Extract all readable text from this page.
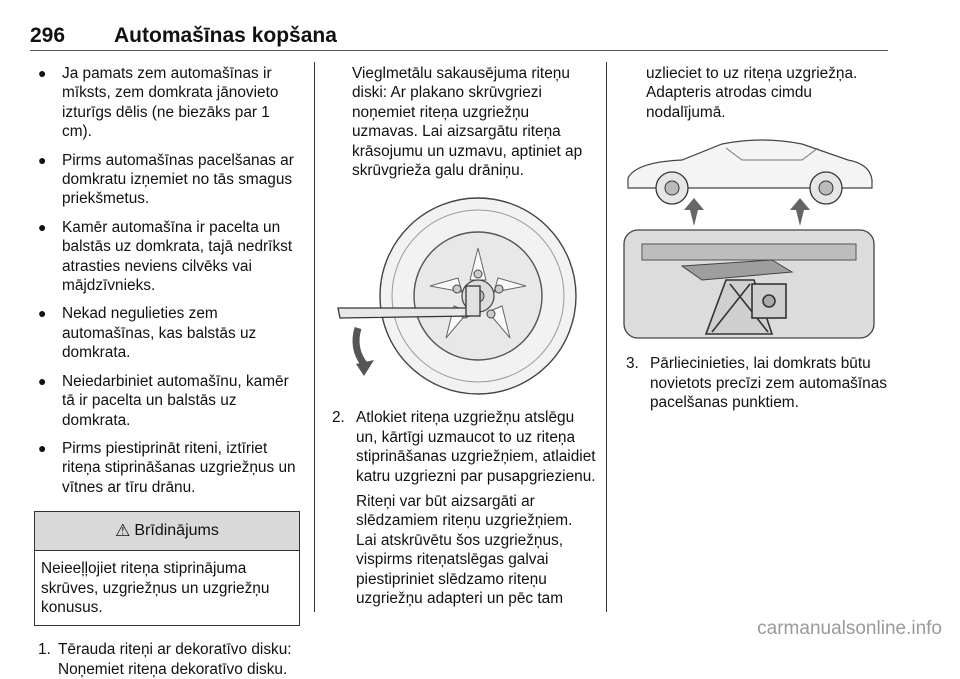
296 Automašīnas kopšana
● Ja pamats zem automašīnas ir mīksts, zem domkrata jānovieto izturīgs dēlis (ne biezāks par 1 cm).
● Pirms automašīnas pacelšanas ar domkratu izņemiet no tās smagus priekšmetus.
● Kamēr automašīna ir pacelta un balstās uz domkrata, tajā nedrīkst atrasties neviens cilvēks vai mājdzīvnieks.
● Nekad negulieties zem automašīnas, kas balstās uz domkrata.
● Neiedarbiniet automašīnu, kamēr tā ir pacelta un balstās uz domkrata.
● Pirms piestiprināt riteni, iztīriet riteņa stiprināšanas uzgriežņus un vītnes ar tīru drānu.
⚠ Brīdinājums
Neieeļļojiet riteņa stiprinājuma skrūves, uzgriežņus un uzgriežņu konusus.
1. Tērauda riteņi ar dekoratīvo disku:
Noņemiet riteņa dekoratīvo disku.
Vieglmetālu sakausējuma riteņu diski: Ar plakano skrūvgriezi noņemiet riteņa uzgriežņu uzmavas. Lai aizsargātu riteņa krāsojumu un uzmavu, aptiniet ap skrūvgrieža galu drāniņu.
2. Atlokiet riteņa uzgriežņu atslēgu un, kārtīgi uzmaucot to uz riteņa stiprināšanas uzgriežņiem, atlaidiet katru uzgriezni par pusapgriezienu.
Riteņi var būt aizsargāti ar slēdzamiem riteņu uzgriežņiem. Lai atskrūvētu šos uzgriežņus, vispirms riteņatslēgas galvai piestipriniet slēdzamo riteņu uzgriežņu adapteri un pēc tam
uzlieciet to uz riteņa uzgriežņa. Adapteris atrodas cimdu nodalījumā.
3. Pārliecinieties, lai domkrats būtu novietots precīzi zem automašīnas pacelšanas punktiem.
carmanualsonline.info
